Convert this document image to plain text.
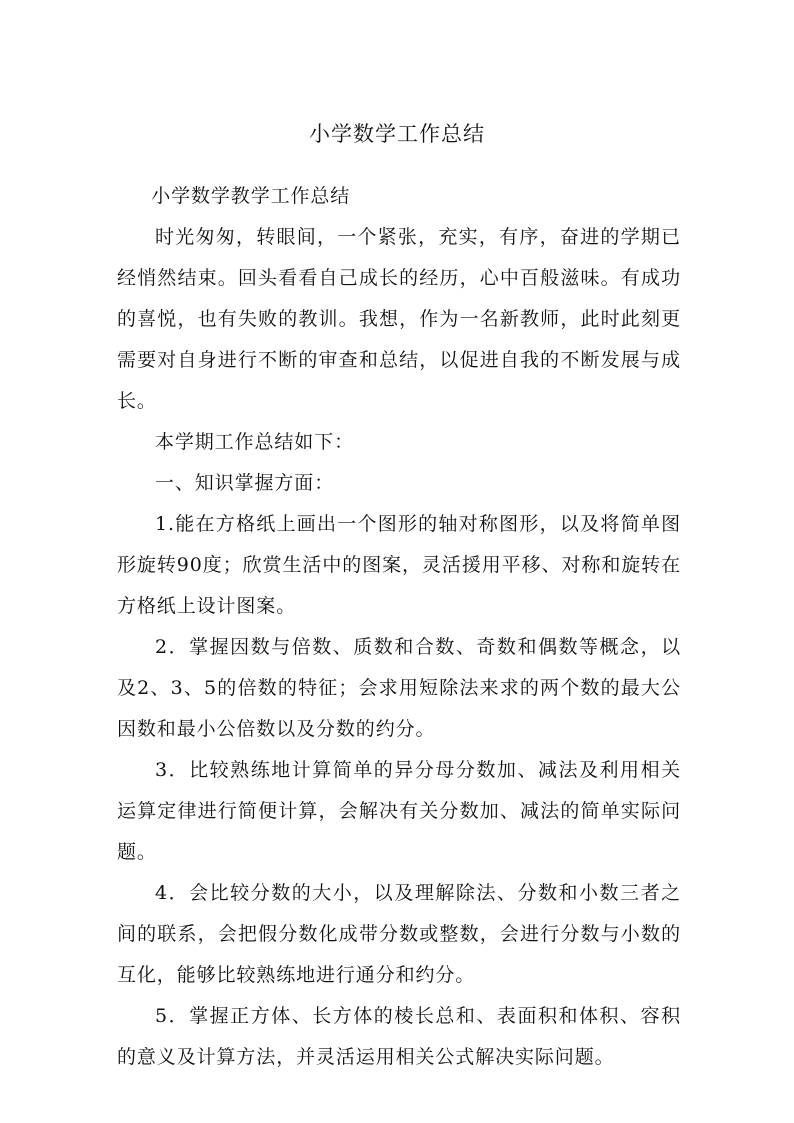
小学数学工作总结

小学数学教学工作总结

时光匆匆，转眼间，一个紧张，充实，有序，奋进的学期已经悄然结束。回头看看自己成长的经历，心中百般滋味。有成功的喜悦，也有失败的教训。我想，作为一名新教师，此时此刻更需要对自身进行不断的审查和总结，以促进自我的不断发展与成长。

本学期工作总结如下：

一、知识掌握方面：

1.能在方格纸上画出一个图形的轴对称图形，以及将简单图形旋转90度；欣赏生活中的图案，灵活援用平移、对称和旋转在方格纸上设计图案。

2．掌握因数与倍数、质数和合数、奇数和偶数等概念，以及2、3、5的倍数的特征；会求用短除法来求的两个数的最大公因数和最小公倍数以及分数的约分。

3．比较熟练地计算简单的异分母分数加、减法及利用相关运算定律进行简便计算，会解决有关分数加、减法的简单实际问题。

4．会比较分数的大小，以及理解除法、分数和小数三者之间的联系，会把假分数化成带分数或整数，会进行分数与小数的互化，能够比较熟练地进行通分和约分。

5．掌握正方体、长方体的棱长总和、表面积和体积、容积的意义及计算方法，并灵活运用相关公式解决实际问题。
